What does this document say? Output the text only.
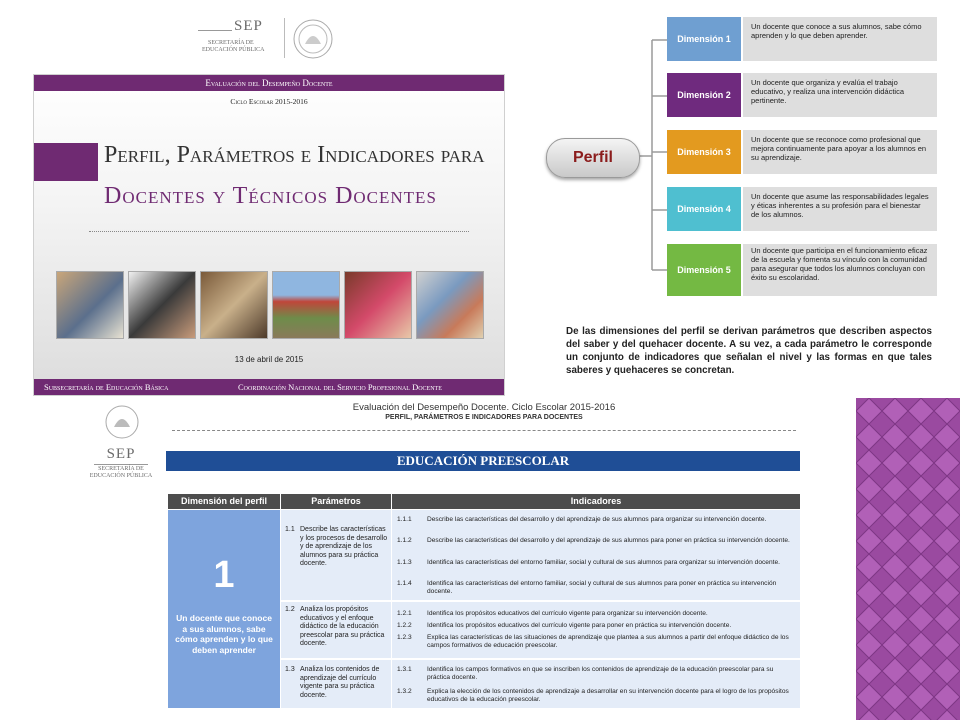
SEP
SECRETARÍA DE
EDUCACIÓN PÚBLICA
Evaluación del Desempeño Docente
Ciclo Escolar 2015-2016
Perfil, Parámetros e Indicadores para
Docentes y Técnicos Docentes
13 de abril de 2015
Subsecretaría de Educación Básica	Coordinación Nacional del Servicio Profesional Docente
Perfil
Dimensión 1
Un docente que conoce a sus alumnos, sabe cómo aprenden y lo que deben aprender.
Dimensión 2
Un docente que organiza y evalúa el trabajo educativo, y realiza una intervención didáctica pertinente.
Dimensión 3
Un docente que se reconoce como profesional que mejora continuamente para apoyar a los alumnos en su aprendizaje.
Dimensión 4
Un docente que asume las responsabilidades legales y éticas inherentes a su profesión para el bienestar de los alumnos.
Dimensión 5
Un docente que participa en el funcionamiento eficaz de la escuela y fomenta su vínculo con la comunidad para asegurar que todos los alumnos concluyan con éxito su escolaridad.
De las dimensiones del perfil se derivan parámetros que describen aspectos del saber y del quehacer docente. A su vez, a cada parámetro le corresponde un conjunto de indicadores que señalan el nivel y las formas en que tales saberes y quehaceres se concretan.
SEP
SECRETARÍA DE
EDUCACIÓN PÚBLICA
Evaluación del Desempeño Docente. Ciclo Escolar 2015-2016
PERFIL, PARÁMETROS E INDICADORES PARA DOCENTES
EDUCACIÓN PREESCOLAR
Dimensión del perfil	Parámetros	Indicadores
1
Un docente que conoce a sus alumnos, sabe cómo aprenden y lo que deben aprender
1.1 Describe las características y los procesos de desarrollo y de aprendizaje de los alumnos para su práctica docente.
1.1.1 Describe las características del desarrollo y del aprendizaje de sus alumnos para organizar su intervención docente.
1.1.2 Describe las características del desarrollo y del aprendizaje de sus alumnos para poner en práctica su intervención docente.
1.1.3 Identifica las características del entorno familiar, social y cultural de sus alumnos para organizar su intervención docente.
1.1.4 Identifica las características del entorno familiar, social y cultural de sus alumnos para poner en práctica su intervención docente.
1.2 Analiza los propósitos educativos y el enfoque didáctico de la educación preescolar para su práctica docente.
1.2.1 Identifica los propósitos educativos del currículo vigente para organizar su intervención docente.
1.2.2 Identifica los propósitos educativos del currículo vigente para poner en práctica su intervención docente.
1.2.3 Explica las características de las situaciones de aprendizaje que plantea a sus alumnos a partir del enfoque didáctico de los campos formativos de educación preescolar.
1.3 Analiza los contenidos de aprendizaje del currículo vigente para su práctica docente.
1.3.1 Identifica los campos formativos en que se inscriben los contenidos de aprendizaje de la educación preescolar para su práctica docente.
1.3.2 Explica la elección de los contenidos de aprendizaje a desarrollar en su intervención docente para el logro de los propósitos educativos de la educación preescolar.
